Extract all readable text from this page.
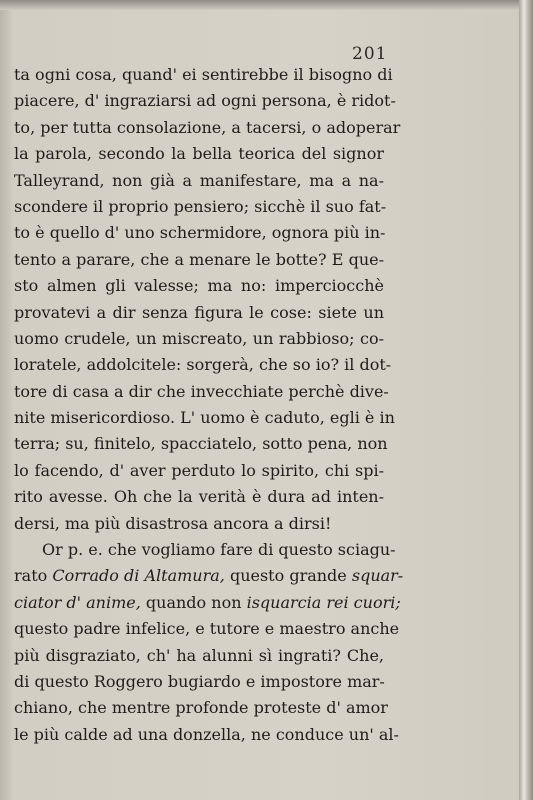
201
ta ogni cosa, quand' ei sentirebbe il bisogno di
piacere, d' ingraziarsi ad ogni persona, è ridot-
to, per tutta consolazione, a tacersi, o adoperar
la parola, secondo la bella teorica del signor
Talleyrand, non già a manifestare, ma a na-
scondere il proprio pensiero; sicchè il suo fat-
to è quello d' uno schermidore, ognora più in-
tento a parare, che a menare le botte? E que-
sto almen gli valesse; ma no: imperciocchè
provatevi a dir senza figura le cose: siete un
uomo crudele, un miscreato, un rabbioso; co-
loratele, addolcitele: sorgerà, che so io? il dot-
tore di casa a dir che invecchiate perchè dive-
nite misericordioso. L' uomo è caduto, egli è in
terra; su, finitelo, spacciatelo, sotto pena, non
lo facendo, d' aver perduto lo spirito, chi spi-
rito avesse. Oh che la verità è dura ad inten-
dersi, ma più disastrosa ancora a dirsi!
Or p. e. che vogliamo fare di questo sciagu-
rato Corrado di Altamura, questo grande squar-
ciator d' anime, quando non isquarcia rei cuori;
questo padre infelice, e tutore e maestro anche
più disgraziato, ch' ha alunni sì ingrati? Che,
di questo Roggero bugiardo e impostore mar-
chiano, che mentre profonde proteste d' amor
le più calde ad una donzella, ne conduce un' al-
